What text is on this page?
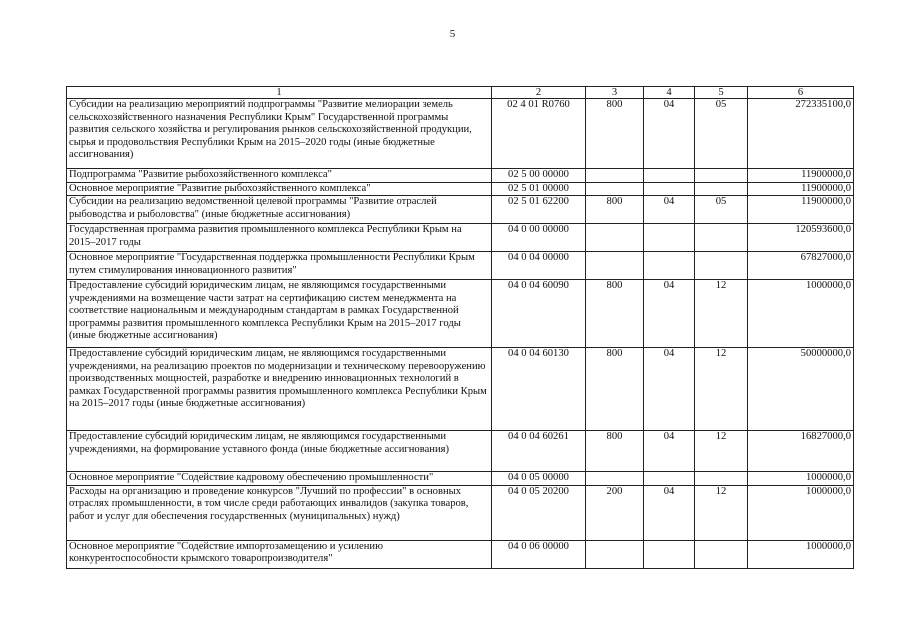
5
1	2	3	4	5	6
Субсидии на реализацию мероприятий подпрограммы "Развитие мелиорации земель сельскохозяйственного назначения Республики Крым" Государственной программы развития сельского хозяйства и регулирования рынков сельскохозяйственной продукции, сырья и продовольствия Республики Крым на 2015–2020 годы (иные бюджетные ассигнования)	02 4 01 R0760	800	04	05	272335100,0
Подпрограмма "Развитие рыбохозяйственного комплекса"	02 5 00 00000				11900000,0
Основное мероприятие "Развитие рыбохозяйственного комплекса"	02 5 01 00000				11900000,0
Субсидии на реализацию ведомственной целевой программы "Развитие отраслей рыбоводства и рыболовства" (иные бюджетные ассигнования)	02 5 01 62200	800	04	05	11900000,0
Государственная программа развития промышленного комплекса Республики Крым на 2015–2017 годы	04 0 00 00000				120593600,0
Основное мероприятие "Государственная поддержка промышленности Республики Крым путем стимулирования инновационного развития"	04 0 04 00000				67827000,0
Предоставление субсидий юридическим лицам, не являющимся государственными учреждениями на возмещение части затрат на сертификацию систем менеджмента на соответствие национальным и международным стандартам в рамках Государственной программы развития промышленного комплекса Республики Крым на 2015–2017 годы (иные бюджетные ассигнования)	04 0 04 60090	800	04	12	1000000,0
Предоставление субсидий юридическим лицам, не являющимся государственными учреждениями, на реализацию проектов по модернизации и техническому перевооружению производственных мощностей, разработке и внедрению инновационных технологий в рамках Государственной программы развития промышленного комплекса Республики Крым на 2015–2017 годы (иные бюджетные ассигнования)	04 0 04 60130	800	04	12	50000000,0
Предоставление субсидий юридическим лицам, не являющимся государственными учреждениями, на формирование уставного фонда (иные бюджетные ассигнования)	04 0 04 60261	800	04	12	16827000,0
Основное мероприятие "Содействие кадровому обеспечению промышленности"	04 0 05 00000				1000000,0
Расходы на организацию и проведение конкурсов "Лучший по профессии" в основных отраслях промышленности, в том числе среди работающих инвалидов (закупка товаров, работ и услуг для обеспечения государственных (муниципальных) нужд)	04 0 05 20200	200	04	12	1000000,0
Основное мероприятие "Содействие импортозамещению и усилению конкурентоспособности крымского товаропроизводителя"	04 0 06 00000				1000000,0
